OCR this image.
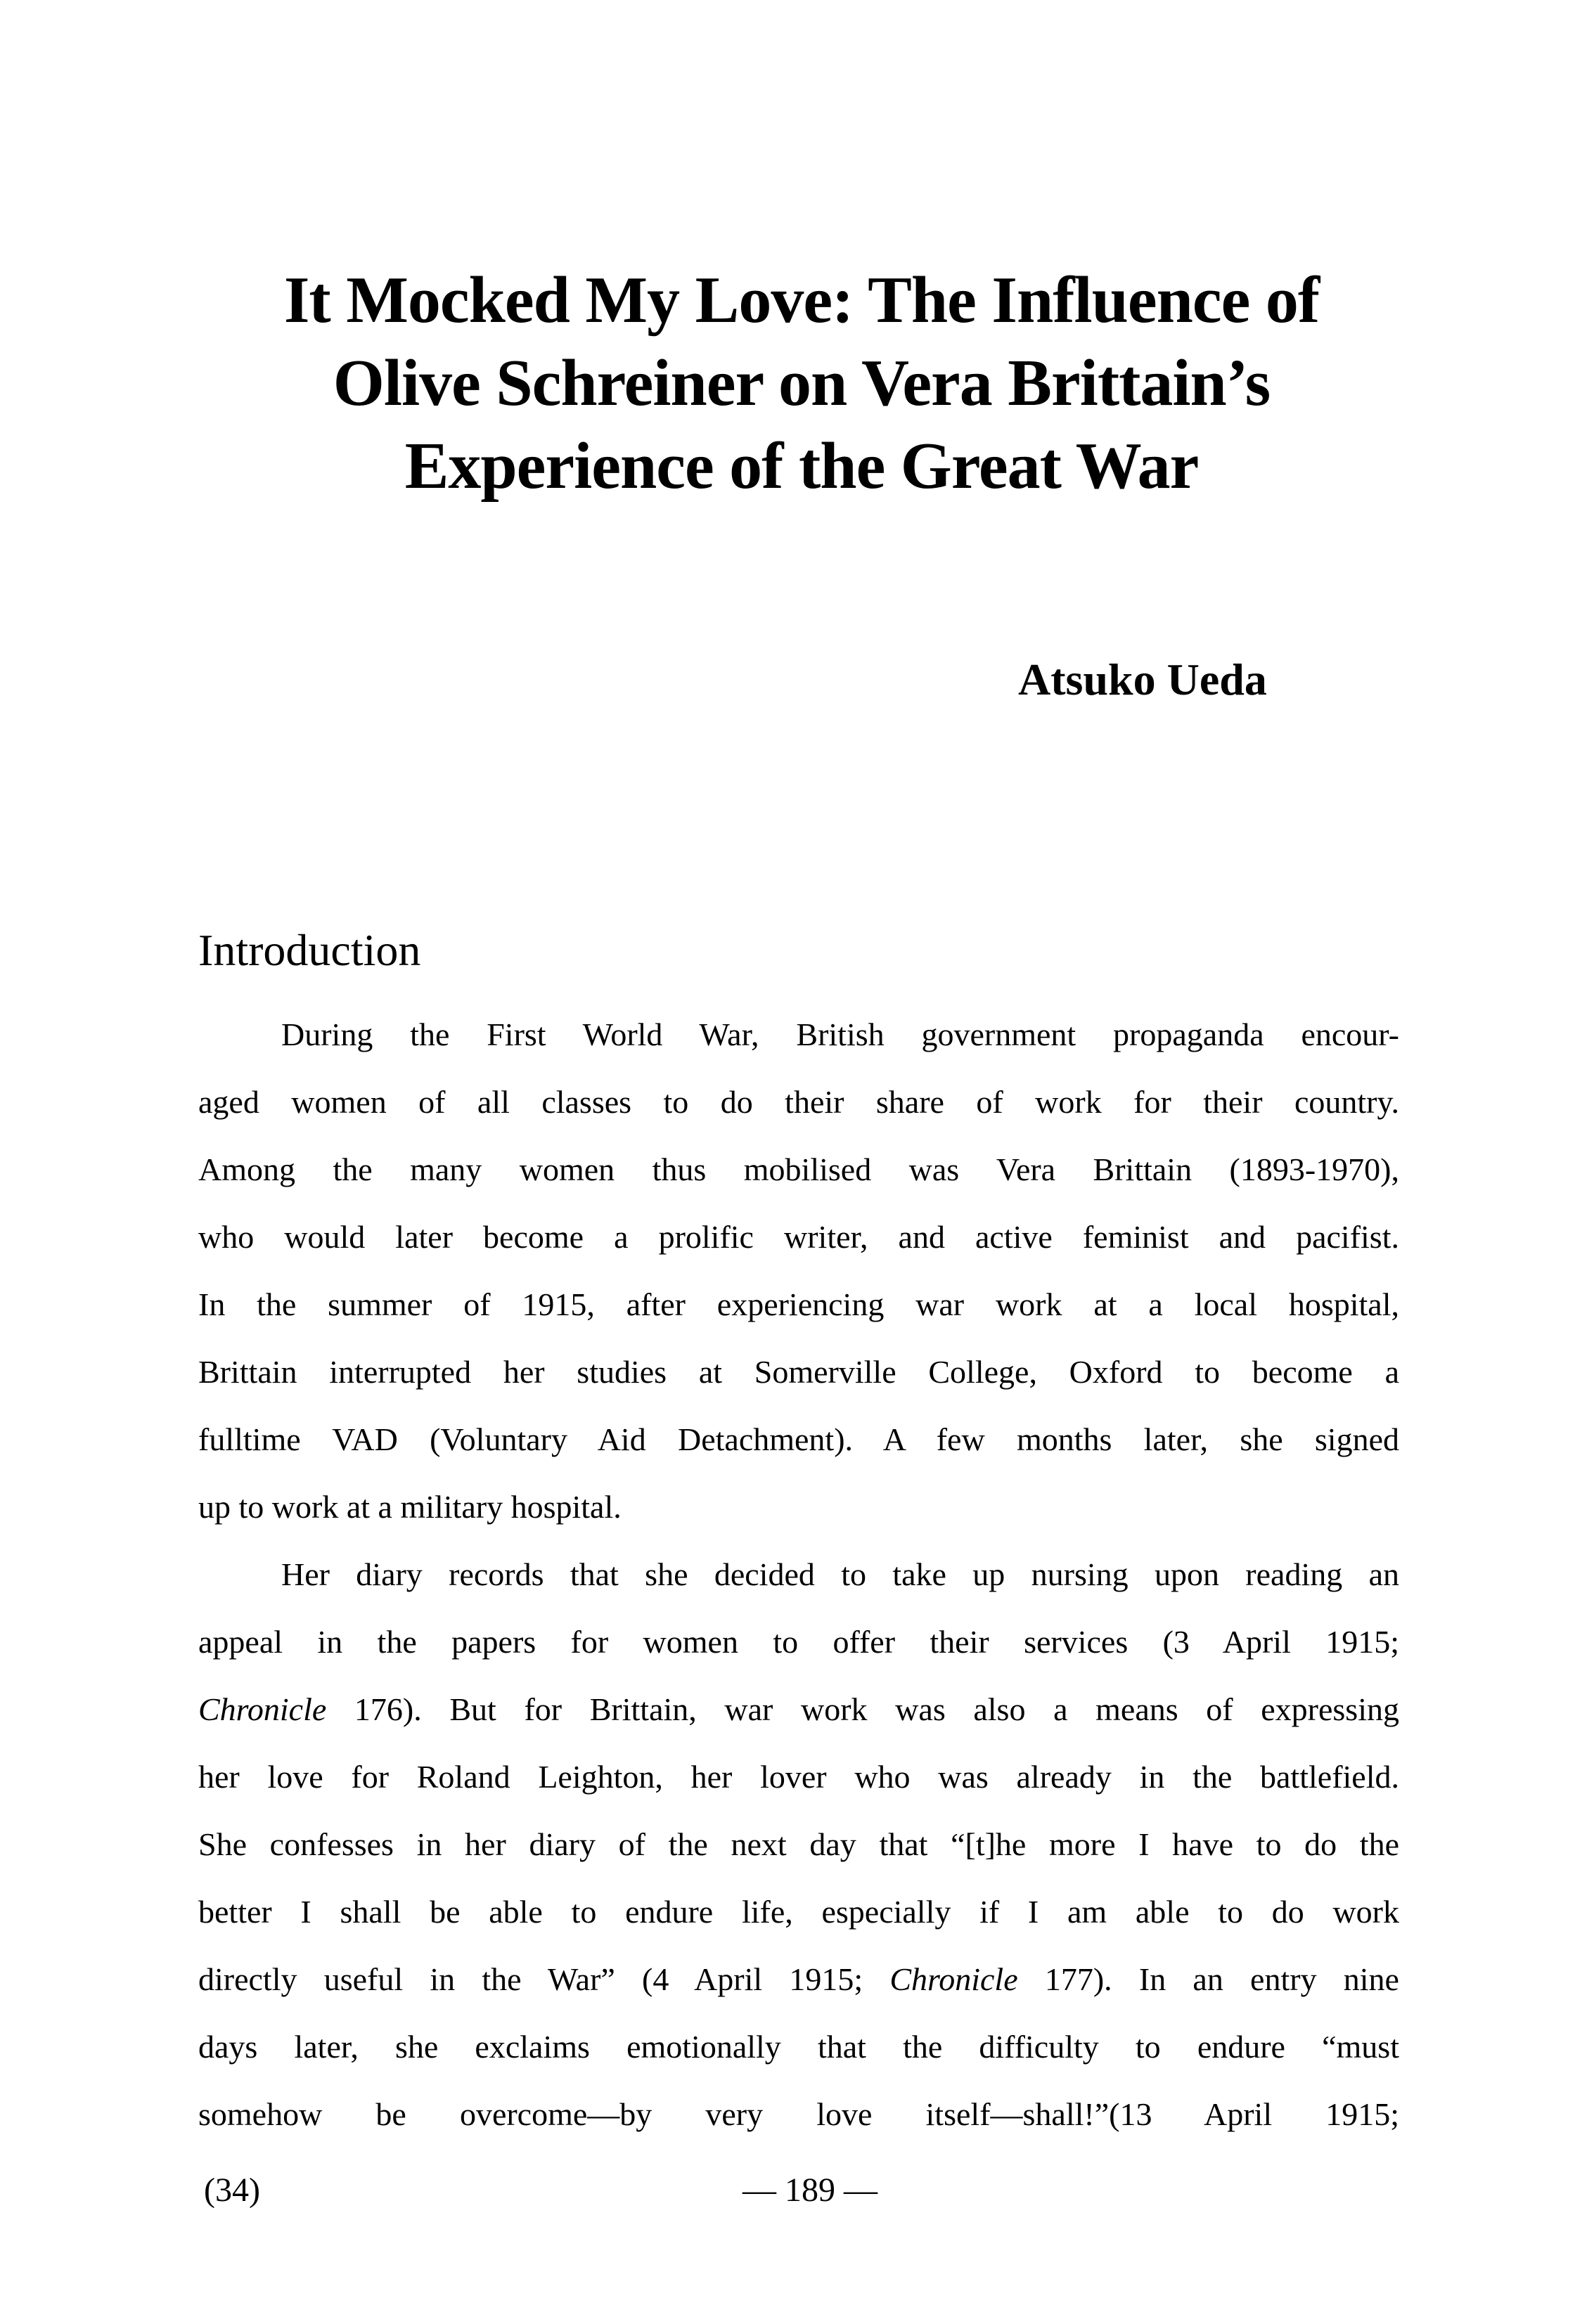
It Mocked My Love: The Influence of
Olive Schreiner on Vera Brittain’s
Experience of the Great War
Atsuko Ueda
Introduction
During the First World War, British government propaganda encour-
aged women of all classes to do their share of work for their country.
Among the many women thus mobilised was Vera Brittain (1893-1970),
who would later become a prolific writer, and active feminist and pacifist.
In the summer of 1915, after experiencing war work at a local hospital,
Brittain interrupted her studies at Somerville College, Oxford to become a
fulltime VAD (Voluntary Aid Detachment). A few months later, she signed
up to work at a military hospital.
Her diary records that she decided to take up nursing upon reading an
appeal in the papers for women to offer their services (3 April 1915;
Chronicle 176). But for Brittain, war work was also a means of expressing
her love for Roland Leighton, her lover who was already in the battlefield.
She confesses in her diary of the next day that “[t]he more I have to do the
better I shall be able to endure life, especially if I am able to do work
directly useful in the War” (4 April 1915; Chronicle 177). In an entry nine
days later, she exclaims emotionally that the difficulty to endure “must
somehow be overcome—by very love itself—shall!”(13 April 1915;
(34)	— 189 —
